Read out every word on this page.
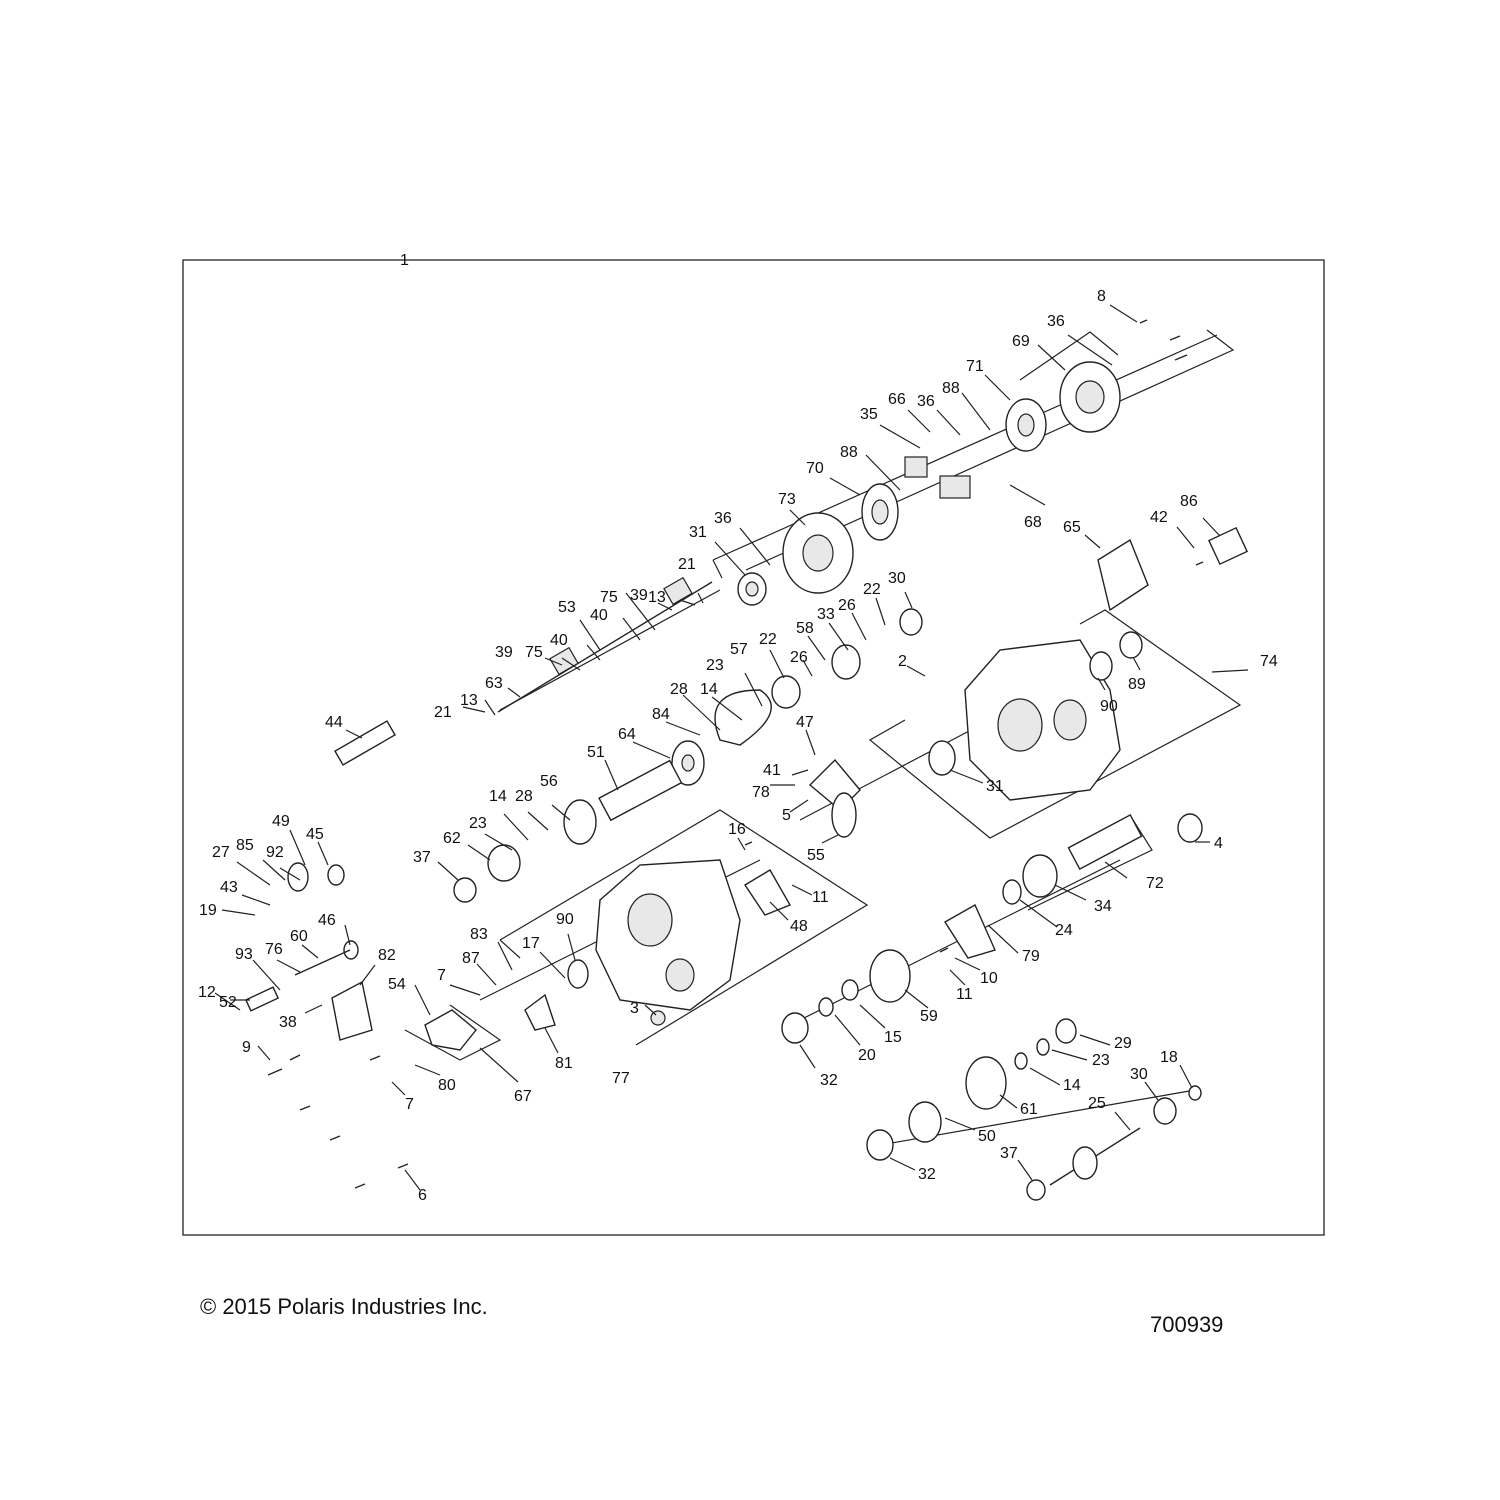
1
2
3
4
5
6
7
7
8
9
10
11
11
12
13
13
14
14
14
15
16
17
18
19
20
21
21
22
22
23
23
23
24
25
26
26
27
28
28
29
30
30
31
31
32
32
33
34
35
36
36
36
37
37
38
39
39
40
40
41
42
43
44
45
46
47
48
49
50
51
52
53
54
55
56
57
58
59
60
61
62
63
64
65
66
67
68
69
70
71
72
73
74
75
75
76
77
78
79
80
81
82
83
84
85
86
87
88
88
89
90
90
92
93
© 2015 Polaris Industries Inc.
700939
